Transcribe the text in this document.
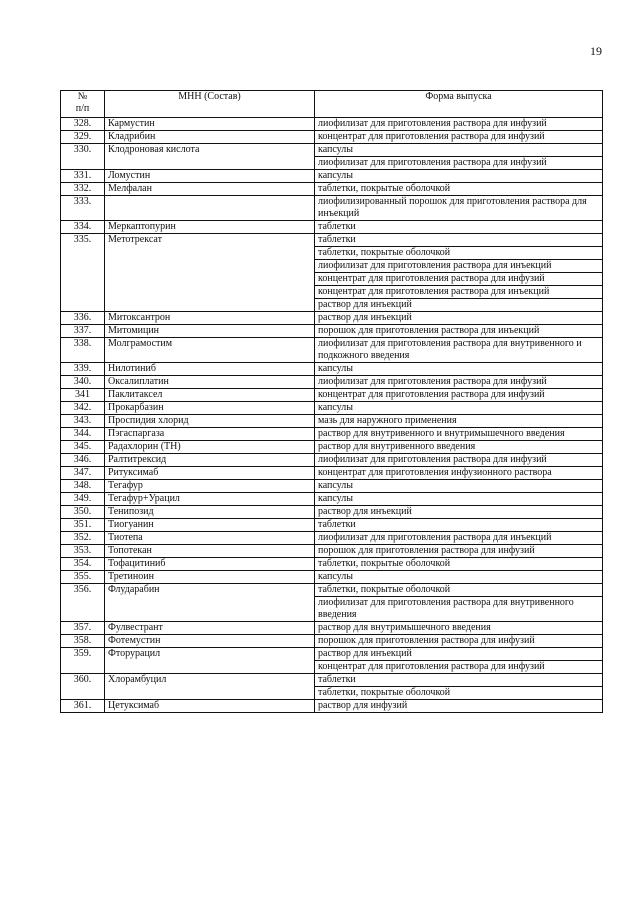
19
№
п/п	МНН (Состав)	Форма выпуска
328.	Кармустин	лиофилизат для приготовления раствора для инфузий
329.	Кладрибин	концентрат для приготовления раствора для инфузий
330.	Клодроновая кислота	капсулы
		лиофилизат для приготовления раствора для инфузий
331.	Ломустин	капсулы
332.	Мелфалан	таблетки, покрытые оболочкой
333.		лиофилизированный порошок для приготовления раствора для инъекций
334.	Меркаптопурин	таблетки
335.	Метотрексат	таблетки
		таблетки, покрытые оболочкой
		лиофилизат для приготовления раствора для инъекций
		концентрат для приготовления раствора для инфузий
		концентрат для приготовления раствора для инъекций
		раствор для инъекций
336.	Митоксантрон	раствор для инъекций
337.	Митомицин	порошок для приготовления раствора для инъекций
338.	Молграмостим	лиофилизат для приготовления раствора для внутривенного и подкожного введения
339.	Нилотиниб	капсулы
340.	Оксалиплатин	лиофилизат для приготовления раствора для инфузий
341	Паклитаксел	концентрат для приготовления раствора для инфузий
342.	Прокарбазин	капсулы
343.	Проспидия хлорид	мазь для наружного применения
344.	Пэгаспаргаза	раствор для внутривенного и внутримышечного введения
345.	Радахлорин (ТН)	раствор для внутривенного введения
346.	Ралтитрексид	лиофилизат для приготовления раствора для инфузий
347.	Ритуксимаб	концентрат для приготовления инфузионного раствора
348.	Тегафур	капсулы
349.	Тегафур+Урацил	капсулы
350.	Тенипозид	раствор для инъекций
351.	Тиогуанин	таблетки
352.	Тиотепа	лиофилизат для приготовления раствора для инъекций
353.	Топотекан	порошок для приготовления раствора для инфузий
354.	Тофацитиниб	таблетки, покрытые оболочкой
355.	Третиноин	капсулы
356.	Флударабин	таблетки, покрытые оболочкой
		лиофилизат для приготовления раствора для внутривенного введения
357.	Фулвестрант	раствор для внутримышечного введения
358.	Фотемустин	порошок для приготовления раствора для инфузий
359.	Фторурацил	раствор для инъекций
		концентрат для приготовления раствора для инфузий
360.	Хлорамбуцил	таблетки
		таблетки, покрытые оболочкой
361.	Цетуксимаб	раствор для инфузий
